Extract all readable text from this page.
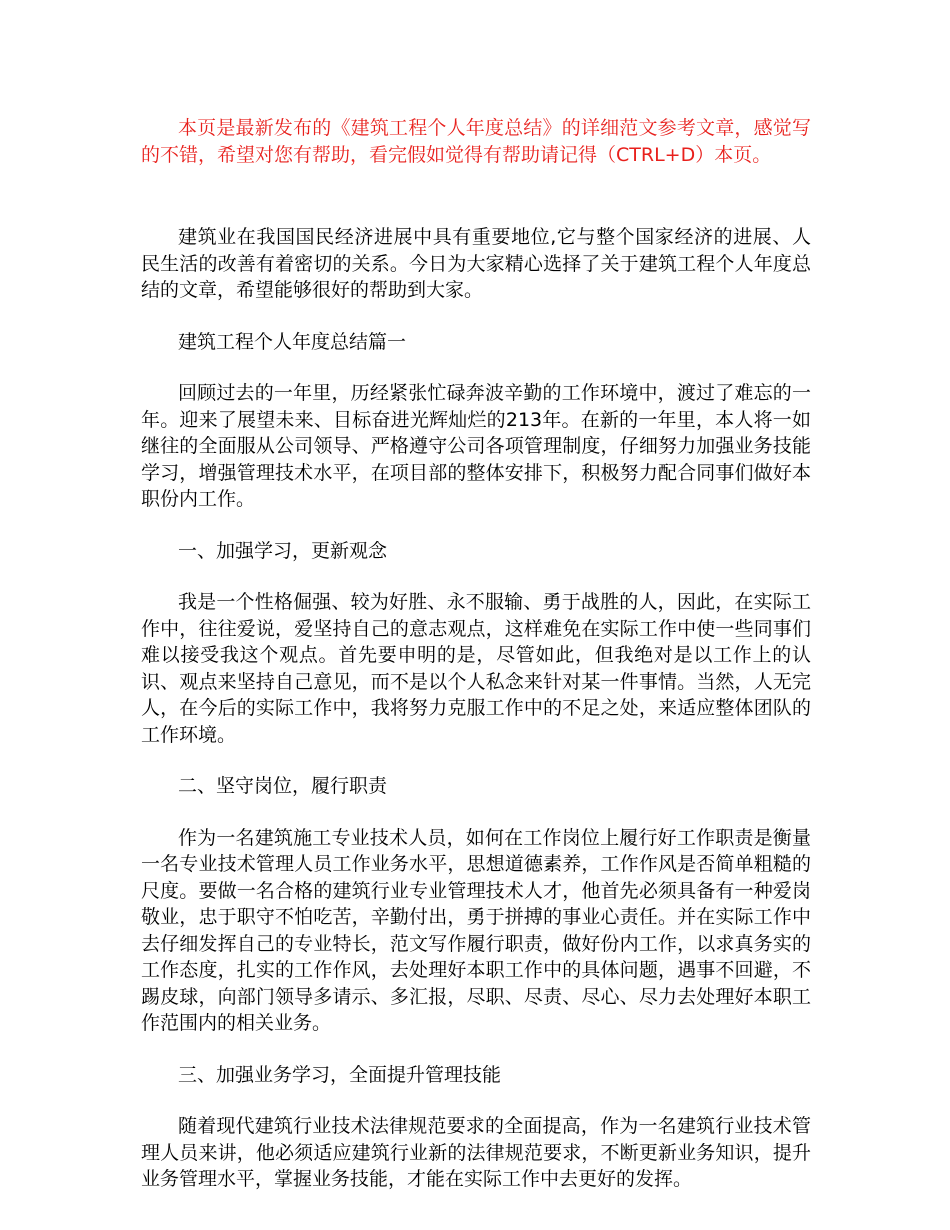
本页是最新发布的《建筑工程个人年度总结》的详细范文参考文章，感觉写的不错，希望对您有帮助，看完假如觉得有帮助请记得（CTRL+D）本页。

建筑业在我国国民经济进展中具有重要地位,它与整个国家经济的进展、人民生活的改善有着密切的关系。今日为大家精心选择了关于建筑工程个人年度总结的文章，希望能够很好的帮助到大家。

建筑工程个人年度总结篇一

回顾过去的一年里，历经紧张忙碌奔波辛勤的工作环境中，渡过了难忘的一年。迎来了展望未来、目标奋进光辉灿烂的213年。在新的一年里，本人将一如继往的全面服从公司领导、严格遵守公司各项管理制度，仔细努力加强业务技能学习，增强管理技术水平，在项目部的整体安排下，积极努力配合同事们做好本职份内工作。

一、加强学习，更新观念

我是一个性格倔强、较为好胜、永不服输、勇于战胜的人，因此，在实际工作中，往往爱说，爱坚持自己的意志观点，这样难免在实际工作中使一些同事们难以接受我这个观点。首先要申明的是，尽管如此，但我绝对是以工作上的认识、观点来坚持自己意见，而不是以个人私念来针对某一件事情。当然，人无完人，在今后的实际工作中，我将努力克服工作中的不足之处，来适应整体团队的工作环境。

二、坚守岗位，履行职责

作为一名建筑施工专业技术人员，如何在工作岗位上履行好工作职责是衡量一名专业技术管理人员工作业务水平，思想道德素养，工作作风是否简单粗糙的尺度。要做一名合格的建筑行业专业管理技术人才，他首先必须具备有一种爱岗敬业，忠于职守不怕吃苦，辛勤付出，勇于拼搏的事业心责任。并在实际工作中去仔细发挥自己的专业特长，范文写作履行职责，做好份内工作，以求真务实的工作态度，扎实的工作作风，去处理好本职工作中的具体问题，遇事不回避，不踢皮球，向部门领导多请示、多汇报，尽职、尽责、尽心、尽力去处理好本职工作范围内的相关业务。

三、加强业务学习，全面提升管理技能

随着现代建筑行业技术法律规范要求的全面提高，作为一名建筑行业技术管理人员来讲，他必须适应建筑行业新的法律规范要求，不断更新业务知识，提升业务管理水平，掌握业务技能，才能在实际工作中去更好的发挥。
